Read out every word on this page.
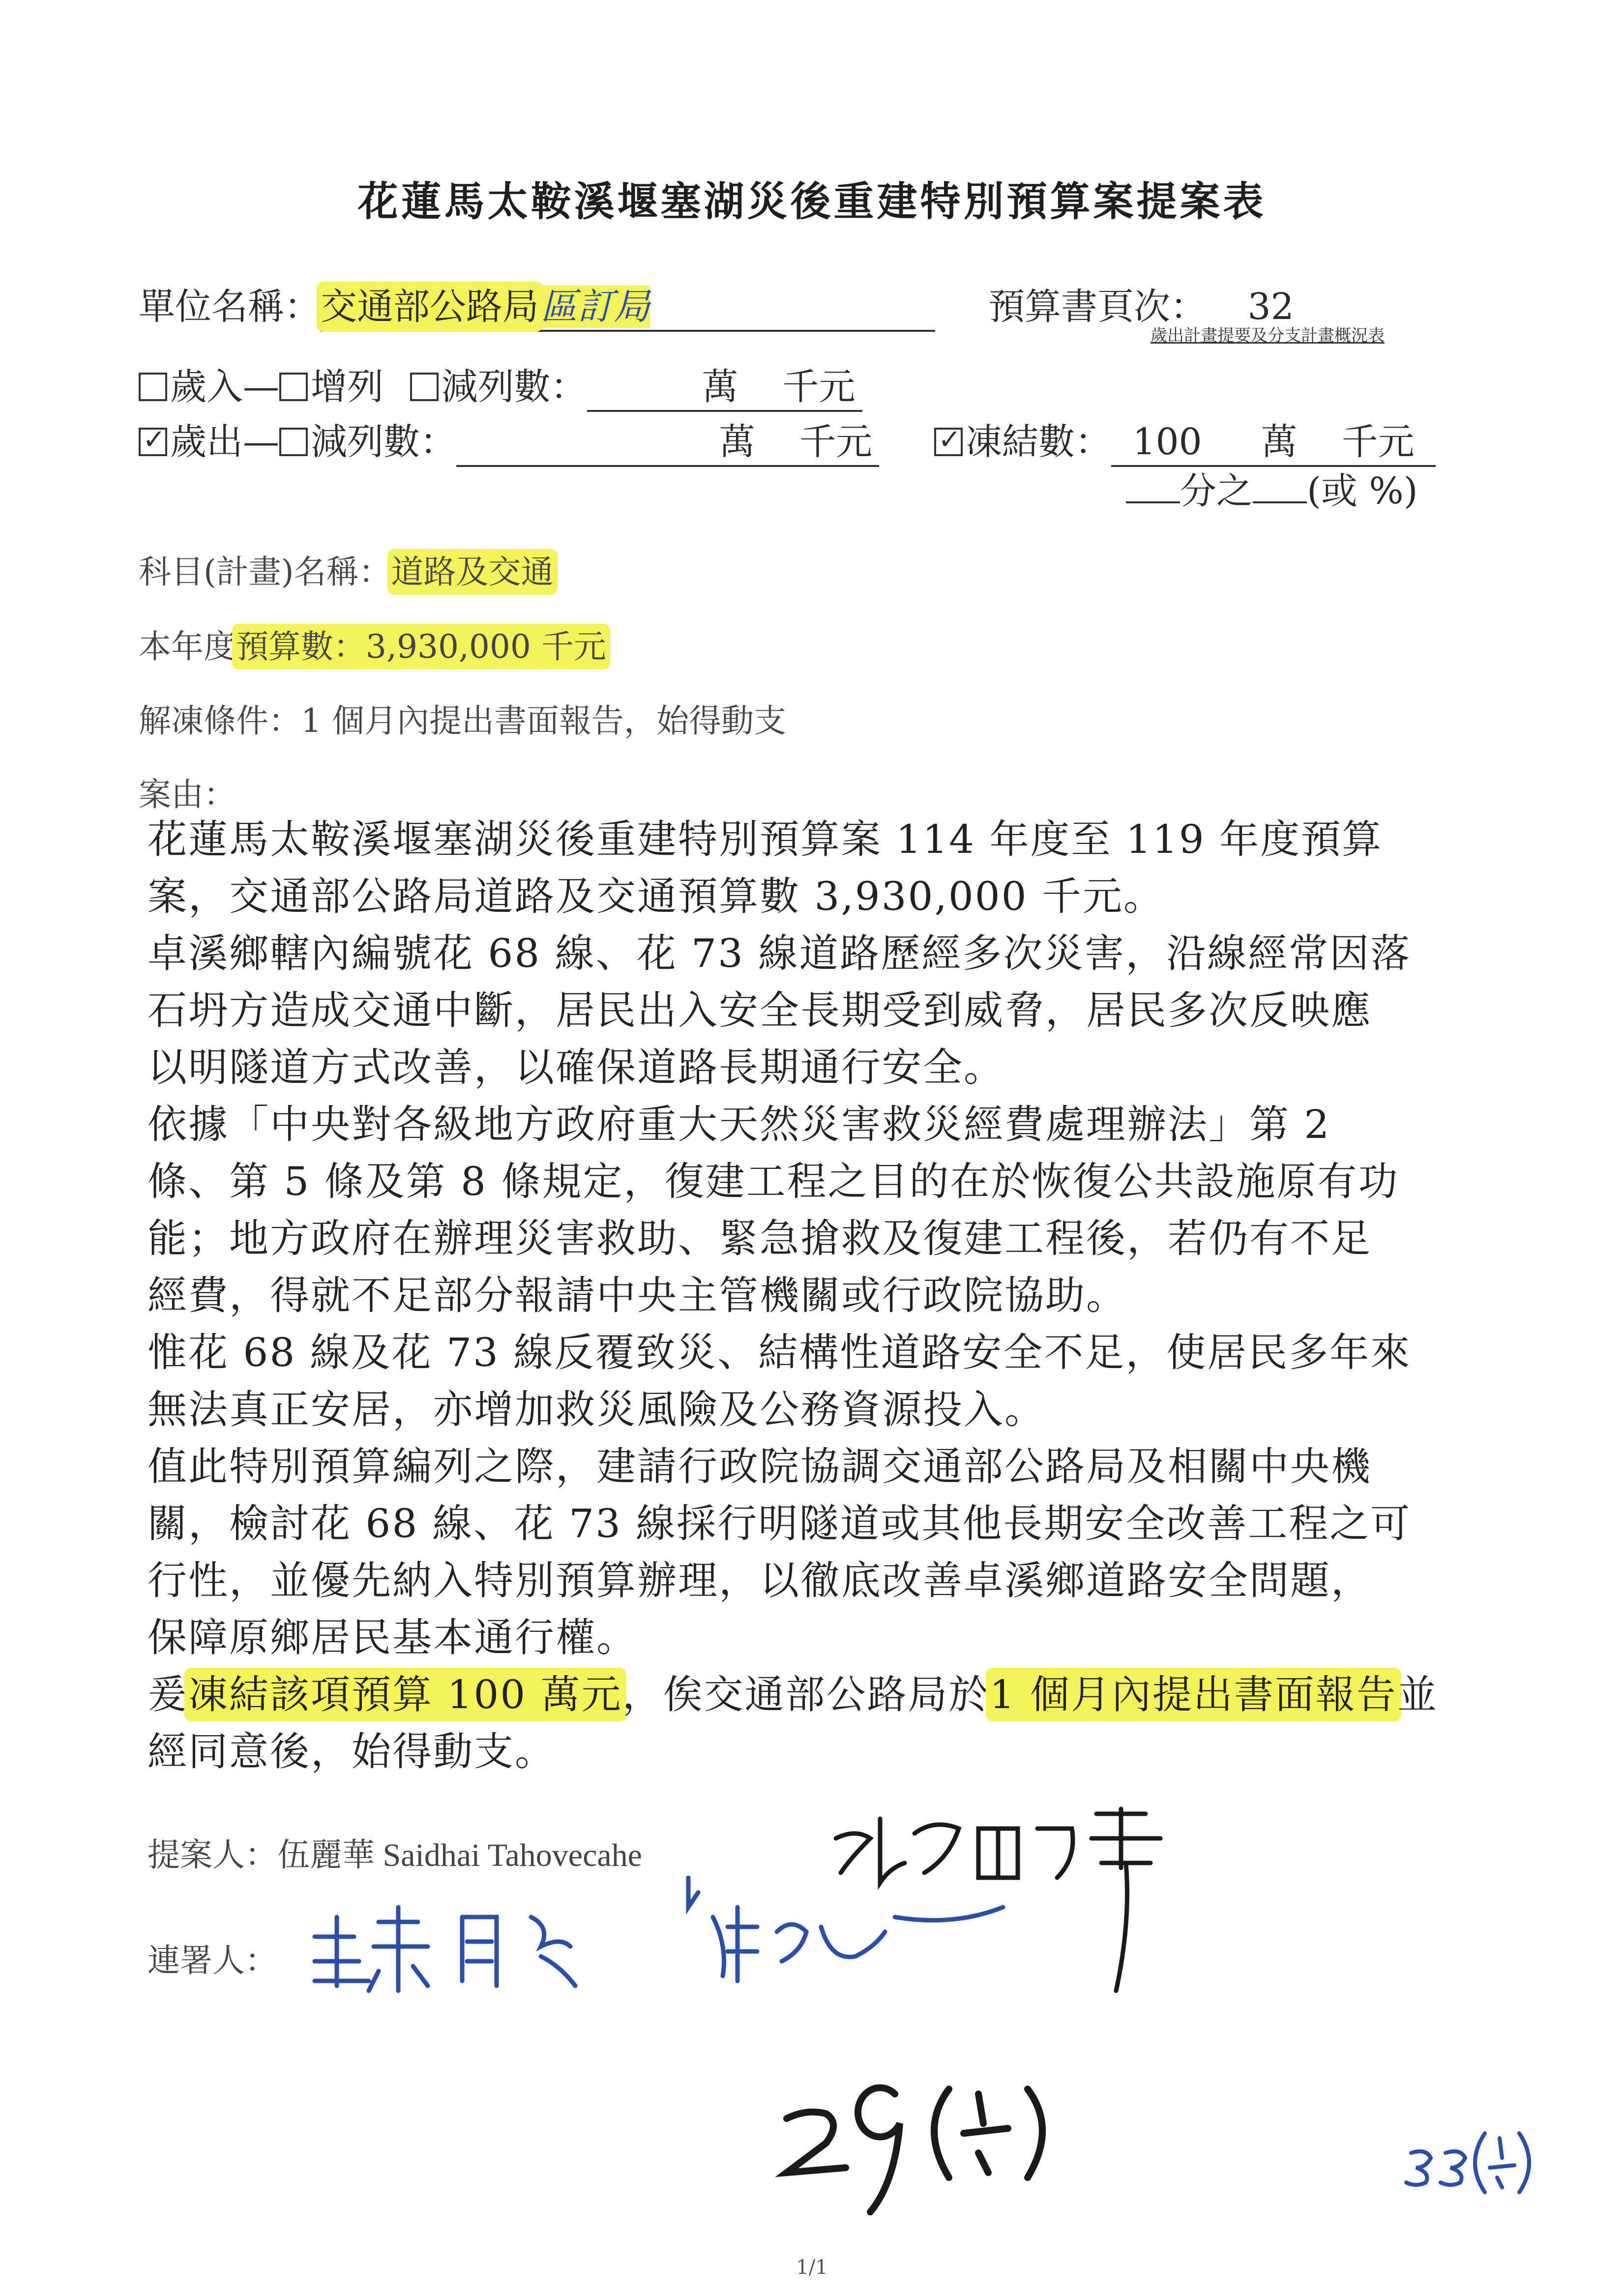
花蓮馬太鞍溪堰塞湖災後重建特別預算案提案表
單位名稱：交通部公路局區訂局	預算書頁次： 32
歲出計畫提要及分支計畫概況表
歲入— 增列 減列數：	萬 千元
✓歲出— 減列數：	萬 千元
✓	凍結數： 100 萬 千元
分之 (或 %)
科目(計畫)名稱：道路及交通
本年度預算數：3,930,000 千元
解凍條件：1 個月內提出書面報告，始得動支
案由：
花蓮馬太鞍溪堰塞湖災後重建特別預算案 114 年度至 119 年度預算
案，交通部公路局道路及交通預算數 3,930,000 千元。
卓溪鄉轄內編號花 68 線、花 73 線道路歷經多次災害，沿線經常因落
石坍方造成交通中斷，居民出入安全長期受到威脅，居民多次反映應
以明隧道方式改善，以確保道路長期通行安全。
依據「中央對各級地方政府重大天然災害救災經費處理辦法」第 2
條、第 5 條及第 8 條規定，復建工程之目的在於恢復公共設施原有功
能；地方政府在辦理災害救助、緊急搶救及復建工程後，若仍有不足
經費，得就不足部分報請中央主管機關或行政院協助。
惟花 68 線及花 73 線反覆致災、結構性道路安全不足，使居民多年來
無法真正安居，亦增加救災風險及公務資源投入。
值此特別預算編列之際，建請行政院協調交通部公路局及相關中央機
關，檢討花 68 線、花 73 線採行明隧道或其他長期安全改善工程之可
行性，並優先納入特別預算辦理，以徹底改善卓溪鄉道路安全問題，
保障原鄉居民基本通行權。
爰凍結該項預算 100 萬元，俟交通部公路局於1 個月內提出書面報告並
經同意後，始得動支。
提案人：伍麗華 Saidhai Tahovecahe
連署人：
1/1
